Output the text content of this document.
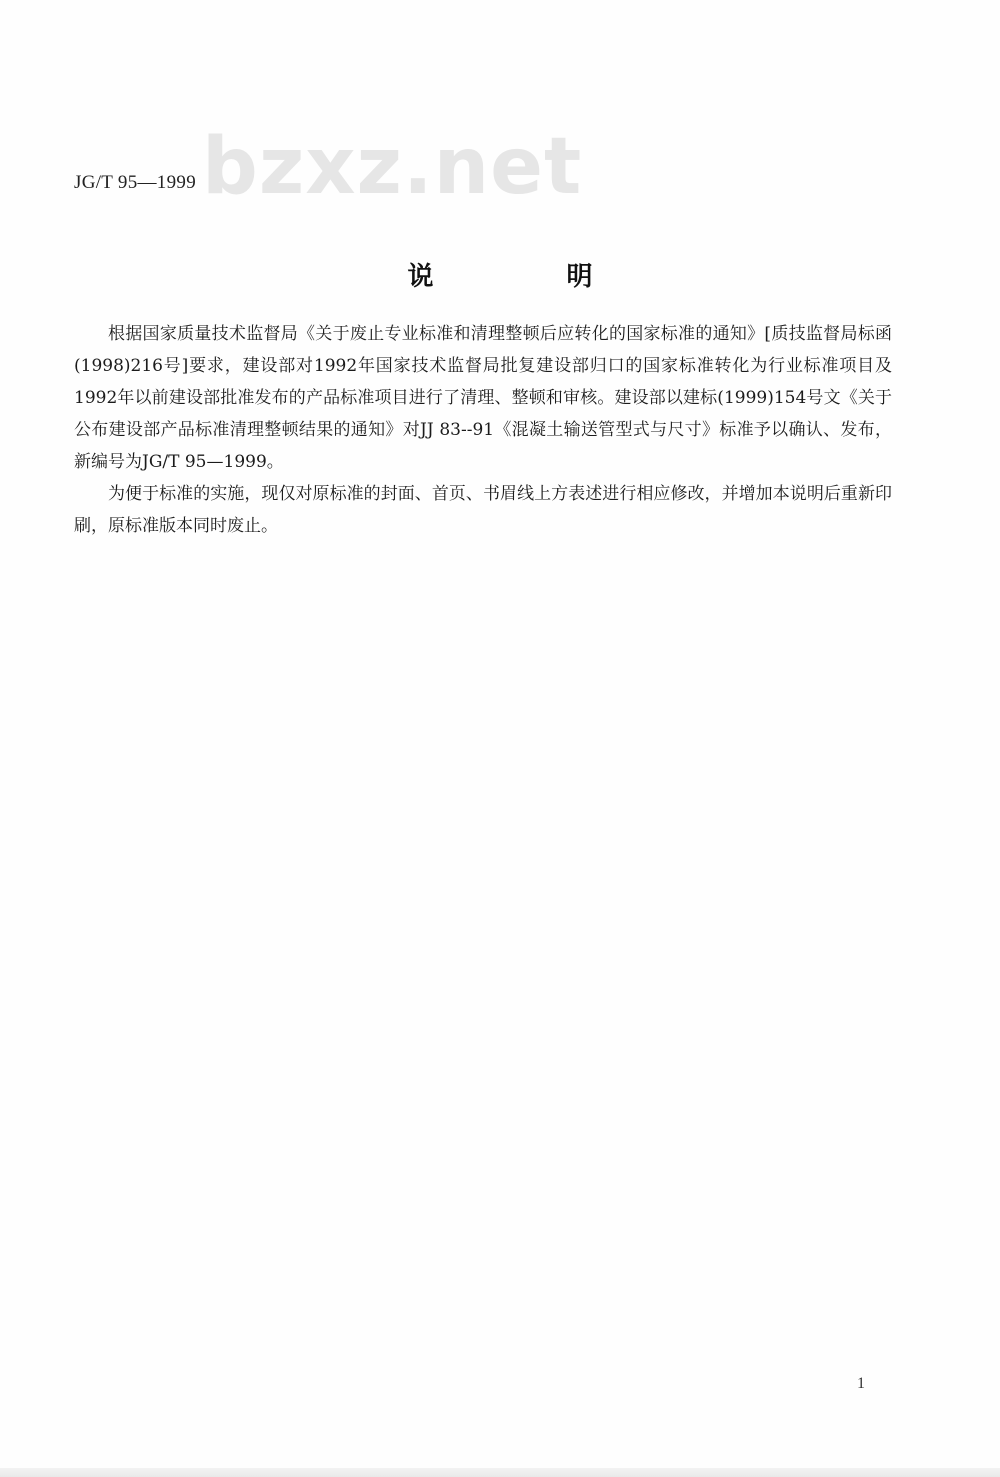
bzxz.net
JG/T 95—1999
说 明

根据国家质量技术监督局《关于废止专业标准和清理整顿后应转化的国家标准的通知》[质技监督局标函(1998)216号]要求，建设部对1992年国家技术监督局批复建设部归口的国家标准转化为行业标准项目及1992年以前建设部批准发布的产品标准项目进行了清理、整顿和审核。建设部以建标(1999)154号文《关于公布建设部产品标准清理整顿结果的通知》对JJ 83--91《混凝土输送管型式与尺寸》标准予以确认、发布，新编号为JG/T 95—1999。

为便于标准的实施，现仅对原标准的封面、首页、书眉线上方表述进行相应修改，并增加本说明后重新印刷，原标准版本同时废止。

1
